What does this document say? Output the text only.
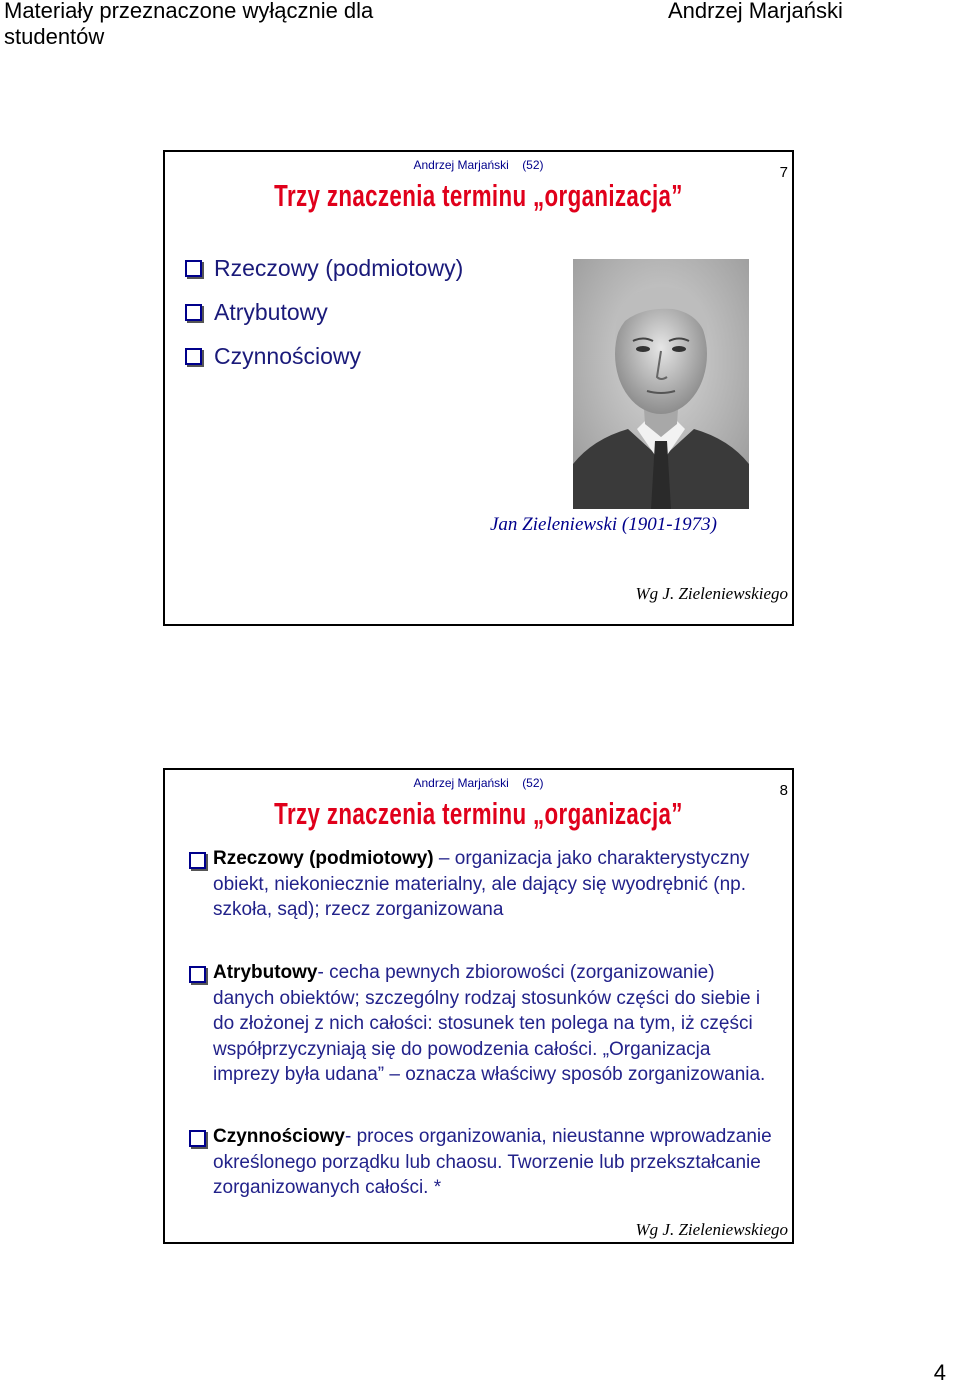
Materiały przeznaczone wyłącznie dla studentów
Andrzej Marjański
Andrzej Marjański (52)
Trzy znaczenia terminu „organizacja”
7
Rzeczowy (podmiotowy)
Atrybutowy
Czynnościowy
Jan Zieleniewski (1901-1973)
Wg J. Zieleniewskiego
Andrzej Marjański (52)
Trzy znaczenia terminu „organizacja”
8
Rzeczowy (podmiotowy) – organizacja jako charakterystyczny obiekt, niekoniecznie materialny, ale dający się wyodrębnić (np. szkoła, sąd); rzecz zorganizowana
Atrybutowy- cecha pewnych zbiorowości (zorganizowanie) danych obiektów; szczególny rodzaj stosunków części do siebie i do złożonej z nich całości: stosunek ten polega na tym, iż części współprzyczyniają się do powodzenia całości. „Organizacja imprezy była udana” – oznacza właściwy sposób zorganizowania.
Czynnościowy- proces organizowania, nieustanne wprowadzanie określonego porządku lub chaosu. Tworzenie lub przekształcanie zorganizowanych całości. *
Wg J. Zieleniewskiego
4
